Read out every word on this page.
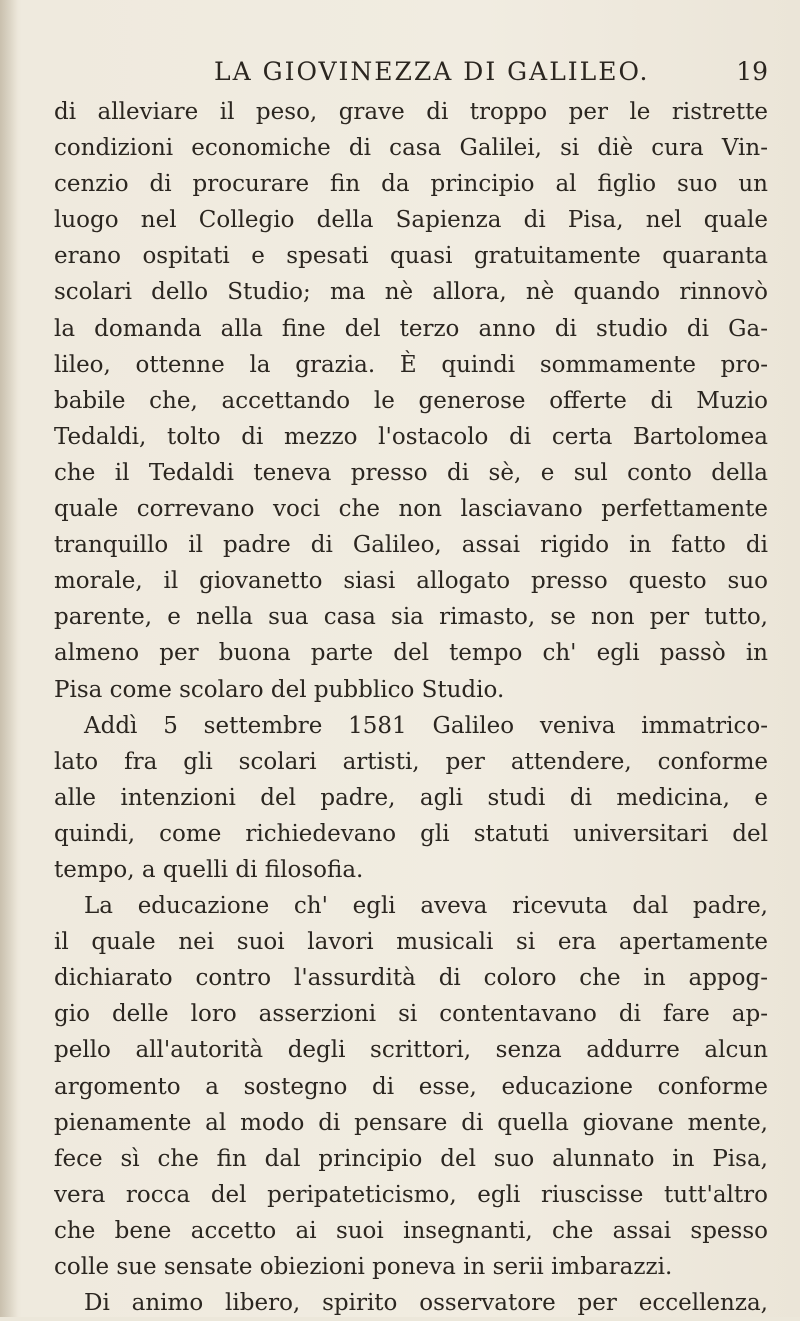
LA GIOVINEZZA DI GALILEO.	19
di alleviare il peso, grave di troppo per le ristrette
condizioni economiche di casa Galilei, si diè cura Vin-
cenzio di procurare fin da principio al figlio suo un
luogo nel Collegio della Sapienza di Pisa, nel quale
erano ospitati e spesati quasi gratuitamente quaranta
scolari dello Studio; ma nè allora, nè quando rinnovò
la domanda alla fine del terzo anno di studio di Ga-
lileo, ottenne la grazia. È quindi sommamente pro-
babile che, accettando le generose offerte di Muzio
Tedaldi, tolto di mezzo l'ostacolo di certa Bartolomea
che il Tedaldi teneva presso di sè, e sul conto della
quale correvano voci che non lasciavano perfettamente
tranquillo il padre di Galileo, assai rigido in fatto di
morale, il giovanetto siasi allogato presso questo suo
parente, e nella sua casa sia rimasto, se non per tutto,
almeno per buona parte del tempo ch' egli passò in
Pisa come scolaro del pubblico Studio.
Addì 5 settembre 1581 Galileo veniva immatrico-
lato fra gli scolari artisti, per attendere, conforme
alle intenzioni del padre, agli studi di medicina, e
quindi, come richiedevano gli statuti universitari del
tempo, a quelli di filosofia.
La educazione ch' egli aveva ricevuta dal padre,
il quale nei suoi lavori musicali si era apertamente
dichiarato contro l'assurdità di coloro che in appog-
gio delle loro asserzioni si contentavano di fare ap-
pello all'autorità degli scrittori, senza addurre alcun
argomento a sostegno di esse, educazione conforme
pienamente al modo di pensare di quella giovane mente,
fece sì che fin dal principio del suo alunnato in Pisa,
vera rocca del peripateticismo, egli riuscisse tutt'altro
che bene accetto ai suoi insegnanti, che assai spesso
colle sue sensate obiezioni poneva in serii imbarazzi.
Di animo libero, spirito osservatore per eccellenza,
